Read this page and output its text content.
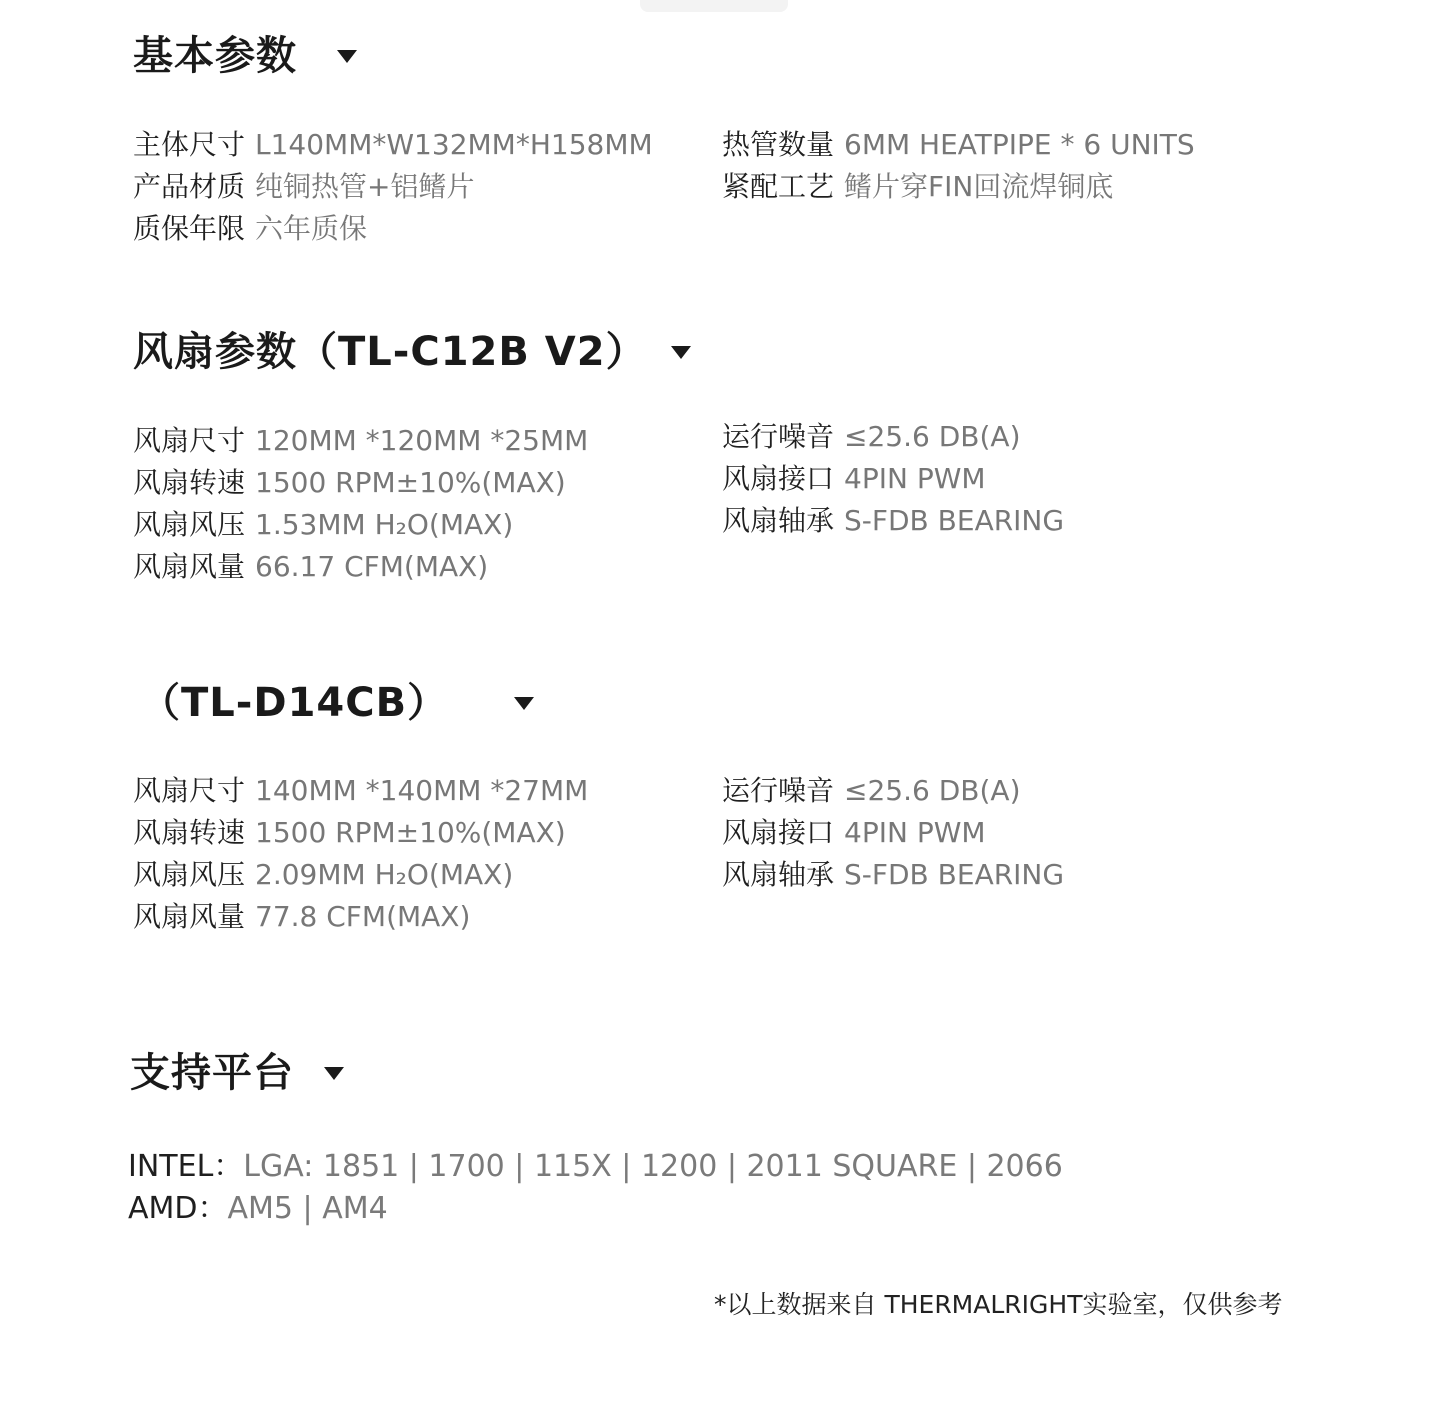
基本参数
主体尺寸 L140MM*W132MM*H158MM
产品材质 纯铜热管+铝鳍片
质保年限 六年质保
热管数量 6MM HEATPIPE * 6 UNITS
紧配工艺 鳍片穿FIN回流焊铜底
风扇参数（TL-C12B V2）
风扇尺寸 120MM *120MM *25MM
风扇转速 1500 RPM±10%(MAX)
风扇风压 1.53MM H₂O(MAX)
风扇风量 66.17 CFM(MAX)
运行噪音 ≤25.6 DB(A)
风扇接口 4PIN PWM
风扇轴承 S-FDB BEARING
（TL-D14CB）
风扇尺寸 140MM *140MM *27MM
风扇转速 1500 RPM±10%(MAX)
风扇风压 2.09MM H₂O(MAX)
风扇风量 77.8 CFM(MAX)
运行噪音 ≤25.6 DB(A)
风扇接口 4PIN PWM
风扇轴承 S-FDB BEARING
支持平台
INTEL：LGA: 1851 | 1700 | 115X | 1200 | 2011 SQUARE | 2066
AMD：AM5 | AM4
*以上数据来自 THERMALRIGHT实验室，仅供参考
